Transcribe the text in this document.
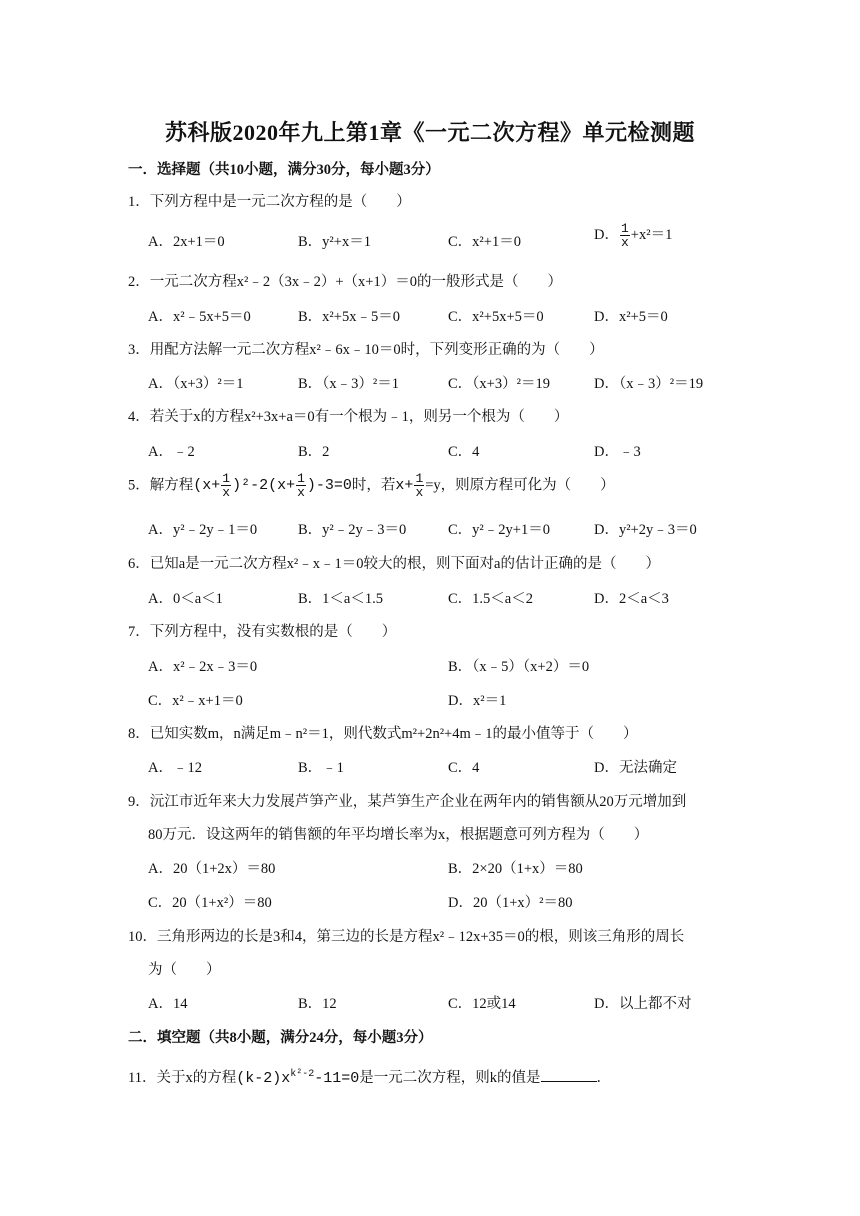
苏科版2020年九上第1章《一元二次方程》单元检测题
一．选择题（共10小题，满分30分，每小题3分）
1．下列方程中是一元二次方程的是（　　）
A．2x+1＝0	B．y²+x＝1	C．x²+1＝0	D． $\frac{1}{x} +x^2=1$
2．一元二次方程x²﹣2（3x﹣2）+（x+1）＝0的一般形式是（　　）
A．x²﹣5x+5＝0	B．x²+5x﹣5＝0	C．x²+5x+5＝0	D．x²+5＝0
3．用配方法解一元二次方程x²﹣6x﹣10＝0时，下列变形正确的为（　　）
A．（x+3）²＝1	B．（x﹣3）²＝1	C．（x+3）²＝19	D．（x﹣3）²＝19
4．若关于x的方程x²+3x+a＝0有一个根为﹣1，则另一个根为（　　）
A．﹣2	B．2	C．4	D．﹣3
5．解方程$(x+ \frac{1}{x} )^2-2(x+ \frac{1}{x} )-3=0$时，若$x+ \frac{1}{x} =y$，则原方程可化为（　　）
A．y²﹣2y﹣1＝0	B．y²﹣2y﹣3＝0	C．y²﹣2y+1＝0	D．y²+2y﹣3＝0
6．已知a是一元二次方程x²﹣x﹣1＝0较大的根，则下面对a的估计正确的是（　　）
A．0＜a＜1	B．1＜a＜1.5	C．1.5＜a＜2	D．2＜a＜3
7．下列方程中，没有实数根的是（　　）
A．x²﹣2x﹣3＝0	B．（x﹣5）（x+2）＝0
C．x²﹣x+1＝0	D．x²＝1
8．已知实数m，n满足m﹣n²＝1，则代数式m²+2n²+4m﹣1的最小值等于（　　）
A．﹣12	B．﹣1	C．4	D．无法确定
9．沅江市近年来大力发展芦笋产业，某芦笋生产企业在两年内的销售额从20万元增加到
80万元．设这两年的销售额的年平均增长率为x，根据题意可列方程为（　　）
A．20（1+2x）＝80	B．2×20（1+x）＝80
C．20（1+x²）＝80	D．20（1+x）²＝80
10．三角形两边的长是3和4，第三边的长是方程x²﹣12x+35＝0的根，则该三角形的周长
为（　　）
A．14	B．12	C．12或14	D．以上都不对
二．填空题（共8小题，满分24分，每小题3分）
11．关于x的方程$(k-2)x^{k^2-2}-11=0$是一元二次方程，则k的值是	．
